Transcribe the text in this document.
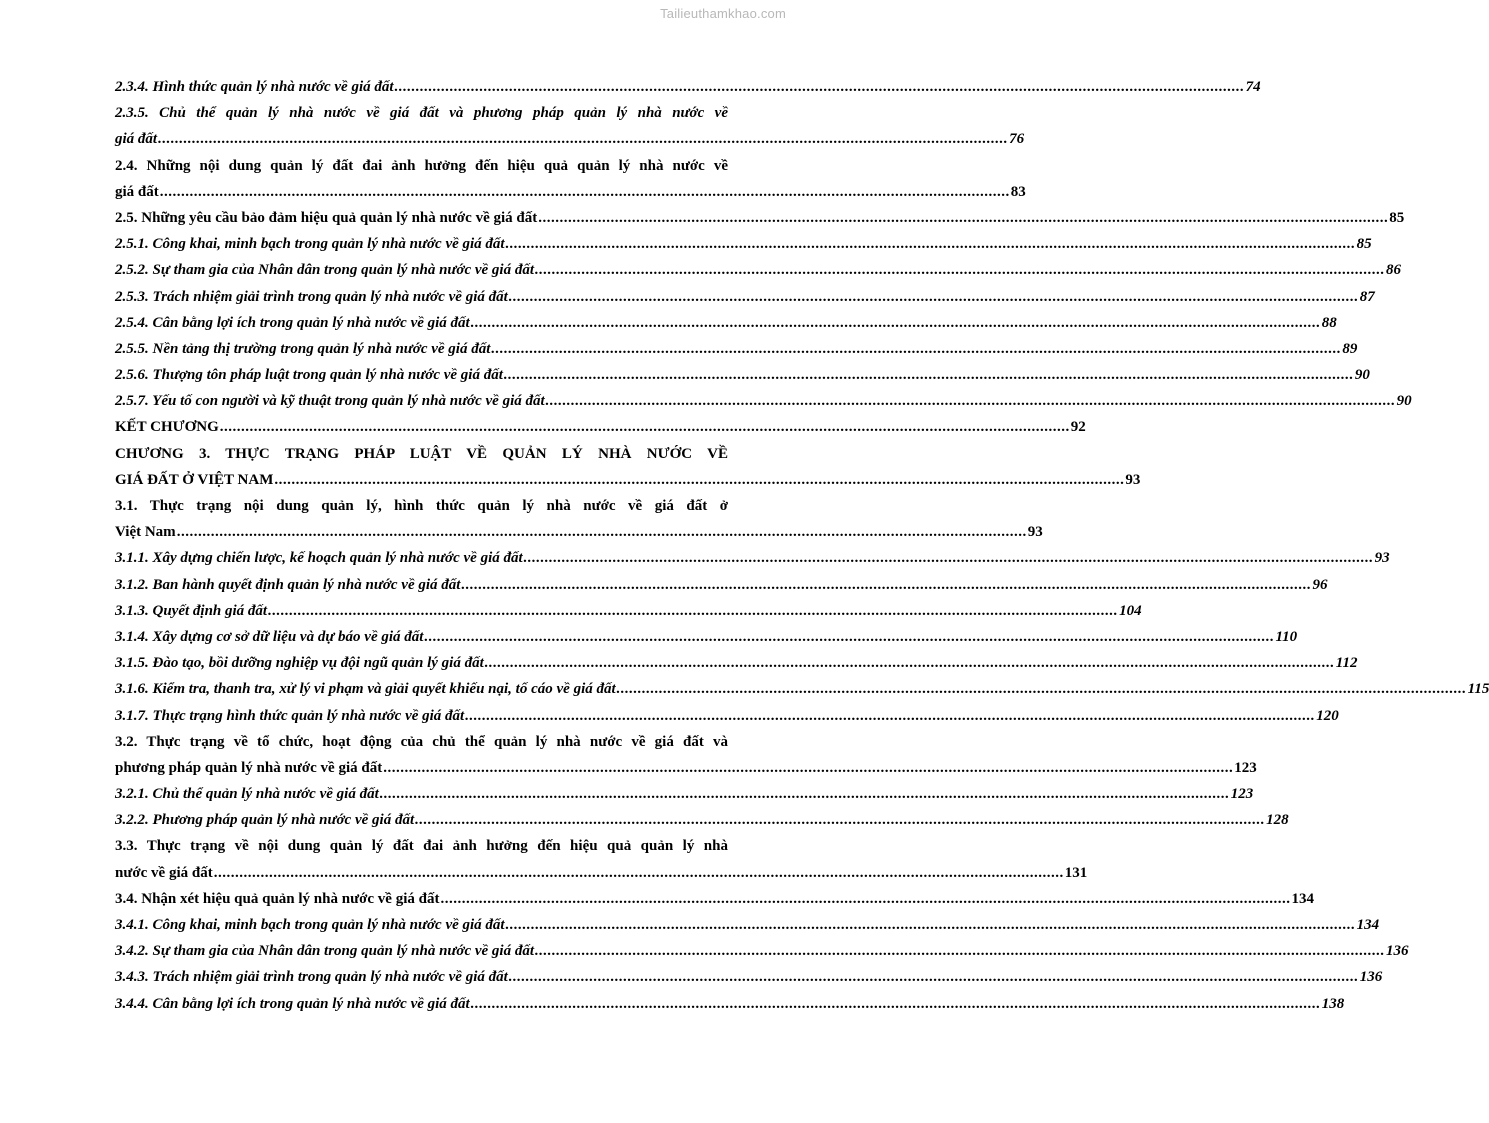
Tailieuthamkhao.com
2.3.4. Hình thức quản lý nhà nước về giá đất .....	74
2.3.5. Chủ thể quản lý nhà nước về giá đất và phương pháp quản lý nhà nước về
giá đất .....	76
2.4. Những nội dung quản lý đất đai ảnh hưởng đến hiệu quả quản lý nhà nước về
giá đất .....	83
2.5. Những yêu cầu bảo đảm hiệu quả quản lý nhà nước về giá đất .....	85
2.5.1. Công khai, minh bạch trong quản lý nhà nước về giá đất .....	85
2.5.2. Sự tham gia của Nhân dân trong quản lý nhà nước về giá đất .....	86
2.5.3. Trách nhiệm giải trình trong quản lý nhà nước về giá đất .....	87
2.5.4. Cân bằng lợi ích trong quản lý nhà nước về giá đất .....	88
2.5.5. Nền tảng thị trường trong quản lý nhà nước về giá đất .....	89
2.5.6. Thượng tôn pháp luật trong quản lý nhà nước về giá đất .....	90
2.5.7. Yếu tố con người và kỹ thuật trong quản lý nhà nước về giá đất .....	90
KẾT CHƯƠNG .....	92
CHƯƠNG 3. THỰC TRẠNG PHÁP LUẬT VỀ QUẢN LÝ NHÀ NƯỚC VỀ
GIÁ ĐẤT Ở VIỆT NAM .....	93
3.1. Thực trạng nội dung quản lý, hình thức quản lý nhà nước về giá đất ở
Việt Nam .....	93
3.1.1. Xây dựng chiến lược, kế hoạch quản lý nhà nước về giá đất .....	93
3.1.2. Ban hành quyết định quản lý nhà nước về giá đất .....	96
3.1.3. Quyết định giá đất .....	104
3.1.4. Xây dựng cơ sở dữ liệu và dự báo về giá đất .....	110
3.1.5. Đào tạo, bồi dưỡng nghiệp vụ đội ngũ quản lý giá đất .....	112
3.1.6. Kiểm tra, thanh tra, xử lý vi phạm và giải quyết khiếu nại, tố cáo về giá đất .....	115
3.1.7. Thực trạng hình thức quản lý nhà nước về giá đất .....	120
3.2. Thực trạng về tổ chức, hoạt động của chủ thể quản lý nhà nước về giá đất và
phương pháp quản lý nhà nước về giá đất .....	123
3.2.1. Chủ thể quản lý nhà nước về giá đất .....	123
3.2.2. Phương pháp quản lý nhà nước về giá đất .....	128
3.3. Thực trạng về nội dung quản lý đất đai ảnh hưởng đến hiệu quả quản lý nhà
nước về giá đất .....	131
3.4. Nhận xét hiệu quả quản lý nhà nước về giá đất .....	134
3.4.1. Công khai, minh bạch trong quản lý nhà nước về giá đất .....	134
3.4.2. Sự tham gia của Nhân dân trong quản lý nhà nước về giá đất .....	136
3.4.3. Trách nhiệm giải trình trong quản lý nhà nước về giá đất .....	136
3.4.4. Cân bằng lợi ích trong quản lý nhà nước về giá đất .....	138
